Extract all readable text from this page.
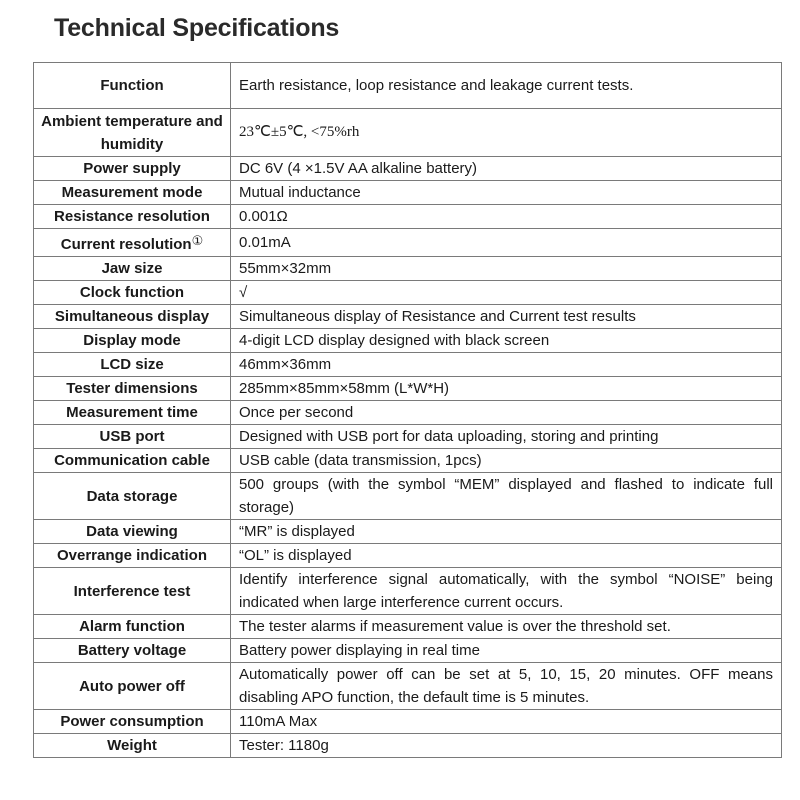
Technical Specifications
Function	Earth resistance, loop resistance and leakage current tests.
Ambient temperature and humidity	23℃±5℃, <75%rh
Power supply	DC 6V (4 ×1.5V AA alkaline battery)
Measurement mode	Mutual inductance
Resistance resolution	0.001Ω
Current resolution①	0.01mA
Jaw size	55mm×32mm
Clock function	√
Simultaneous display	Simultaneous display of Resistance and Current test results
Display mode	4-digit LCD display designed with black screen
LCD size	46mm×36mm
Tester dimensions	285mm×85mm×58mm (L*W*H)
Measurement time	Once per second
USB port	Designed with USB port for data uploading, storing and printing
Communication cable	USB cable (data transmission, 1pcs)
Data storage	500 groups (with the symbol “MEM” displayed and flashed to indicate full storage)
Data viewing	“MR” is displayed
Overrange indication	“OL” is displayed
Interference test	Identify interference signal automatically, with the symbol “NOISE” being indicated when large interference current occurs.
Alarm function	The tester alarms if measurement value is over the threshold set.
Battery voltage	Battery power displaying in real time
Auto power off	Automatically power off can be set at 5, 10, 15, 20 minutes. OFF means disabling APO function, the default time is 5 minutes.
Power consumption	110mA Max
Weight	Tester: 1180g
